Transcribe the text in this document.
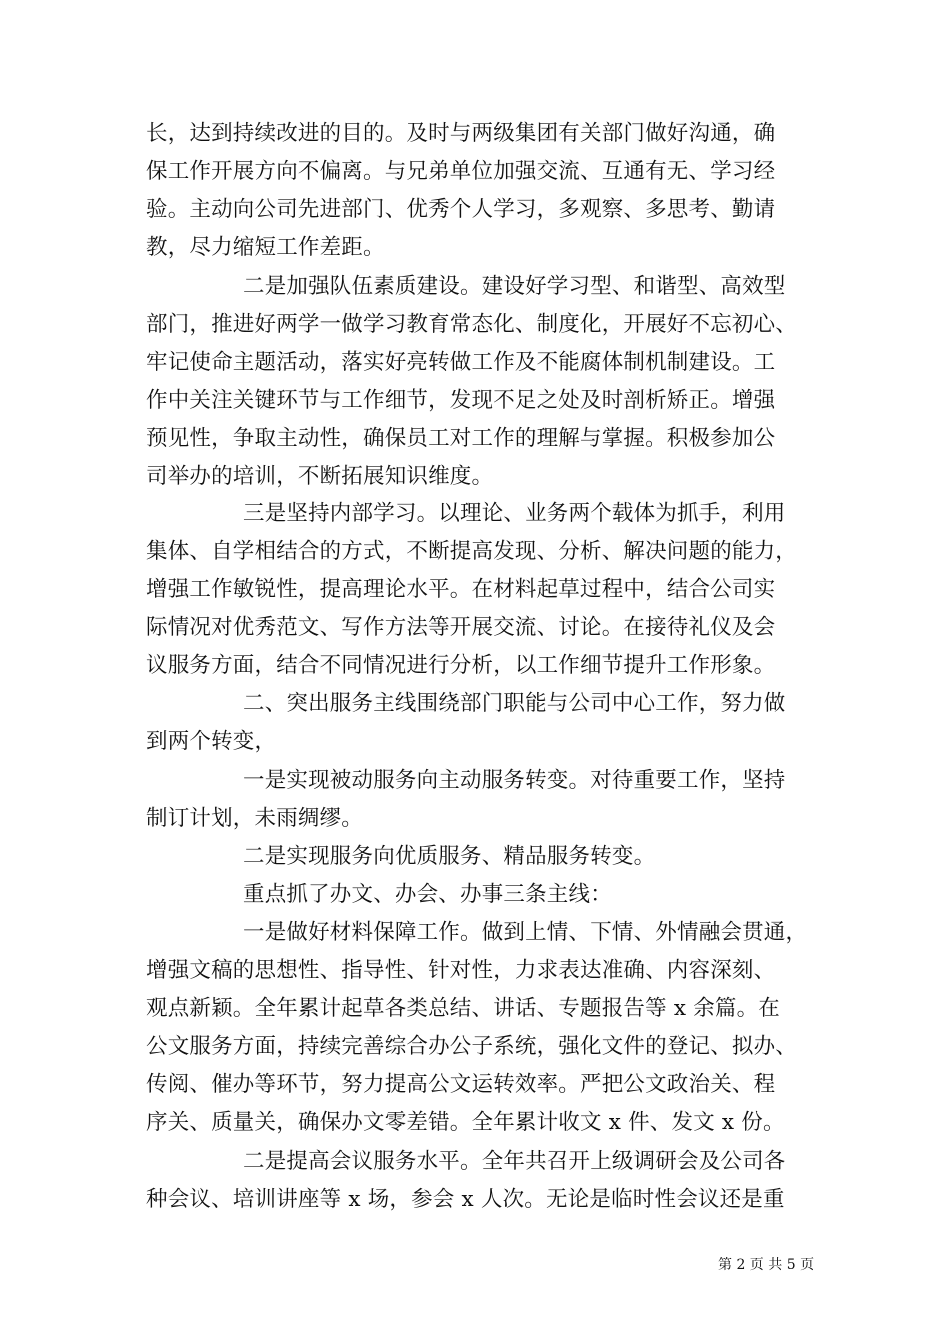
长，达到持续改进的目的。及时与两级集团有关部门做好沟通，确
保工作开展方向不偏离。与兄弟单位加强交流、互通有无、学习经
验。主动向公司先进部门、优秀个人学习，多观察、多思考、勤请
教，尽力缩短工作差距。
二是加强队伍素质建设。建设好学习型、和谐型、高效型
部门，推进好两学一做学习教育常态化、制度化，开展好不忘初心、
牢记使命主题活动，落实好亮转做工作及不能腐体制机制建设。工
作中关注关键环节与工作细节，发现不足之处及时剖析矫正。增强
预见性，争取主动性，确保员工对工作的理解与掌握。积极参加公
司举办的培训，不断拓展知识维度。
三是坚持内部学习。以理论、业务两个载体为抓手，利用
集体、自学相结合的方式，不断提高发现、分析、解决问题的能力，
增强工作敏锐性，提高理论水平。在材料起草过程中，结合公司实
际情况对优秀范文、写作方法等开展交流、讨论。在接待礼仪及会
议服务方面，结合不同情况进行分析，以工作细节提升工作形象。
二、突出服务主线围绕部门职能与公司中心工作，努力做
到两个转变，
一是实现被动服务向主动服务转变。对待重要工作，坚持
制订计划，未雨绸缪。
二是实现服务向优质服务、精品服务转变。
重点抓了办文、办会、办事三条主线：
一是做好材料保障工作。做到上情、下情、外情融会贯通，
增强文稿的思想性、指导性、针对性，力求表达准确、内容深刻、
观点新颖。全年累计起草各类总结、讲话、专题报告等 x 余篇。在
公文服务方面，持续完善综合办公子系统，强化文件的登记、拟办、
传阅、催办等环节，努力提高公文运转效率。严把公文政治关、程
序关、质量关，确保办文零差错。全年累计收文 x 件、发文 x 份。
二是提高会议服务水平。全年共召开上级调研会及公司各
种会议、培训讲座等 x 场，参会 x 人次。无论是临时性会议还是重
第 2 页 共 5 页
